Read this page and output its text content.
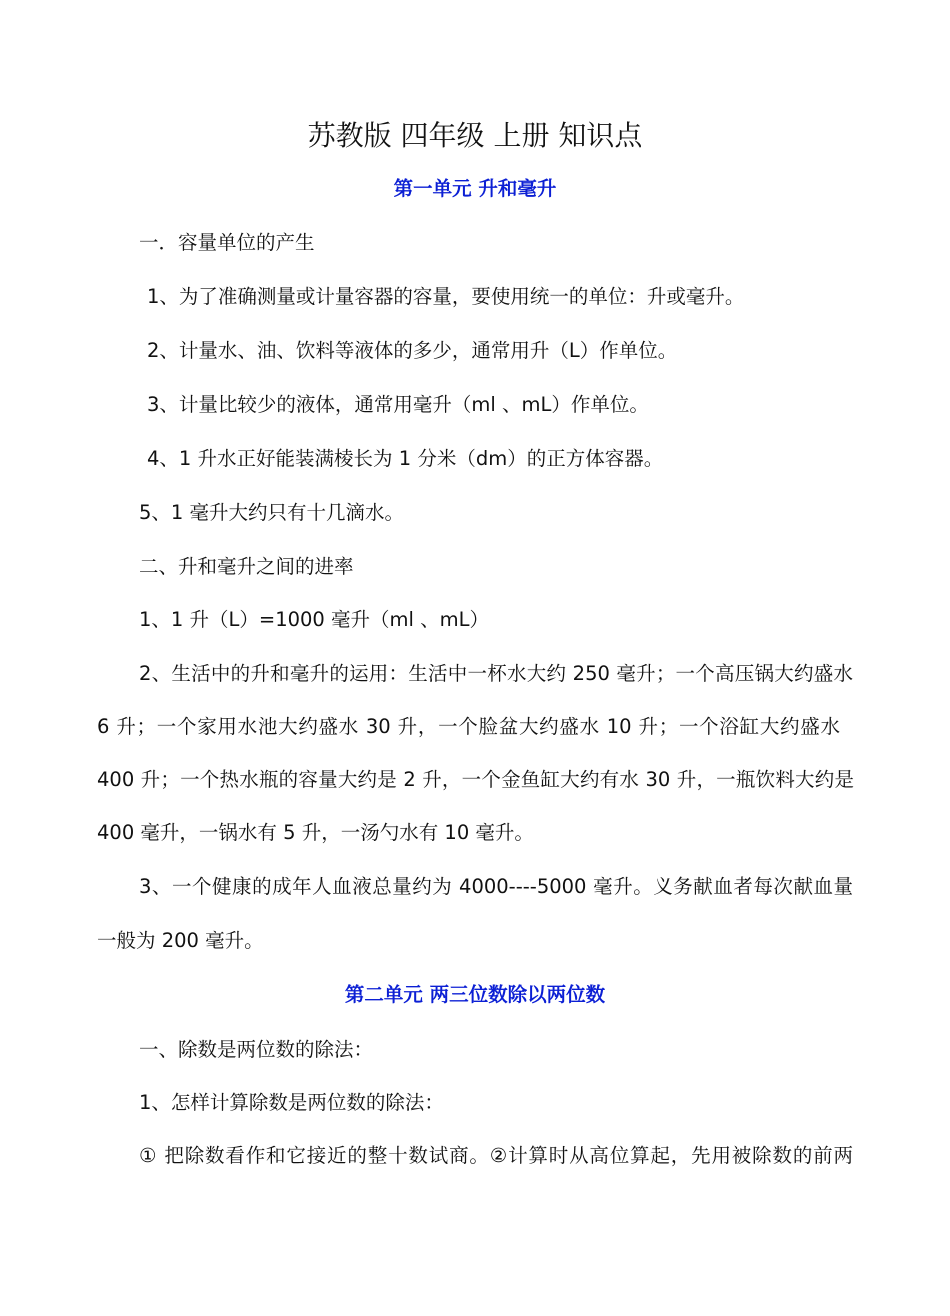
苏教版 四年级 上册 知识点
第一单元 升和毫升
一．容量单位的产生
1、为了准确测量或计量容器的容量，要使用统一的单位：升或毫升。
2、计量水、油、饮料等液体的多少，通常用升（L）作单位。
3、计量比较少的液体，通常用毫升（ml 、mL）作单位。
4、1 升水正好能装满棱长为 1 分米（dm）的正方体容器。
5、1 毫升大约只有十几滴水。
二、升和毫升之间的进率
1、1 升（L）=1000 毫升（ml 、mL）
2、生活中的升和毫升的运用：生活中一杯水大约 250 毫升；一个高压锅大约盛水
6 升；一个家用水池大约盛水 30 升，一个脸盆大约盛水 10 升；一个浴缸大约盛水
400 升；一个热水瓶的容量大约是 2 升，一个金鱼缸大约有水 30 升，一瓶饮料大约是
400 毫升，一锅水有 5 升，一汤勺水有 10 毫升。
3、一个健康的成年人血液总量约为 4000----5000 毫升。义务献血者每次献血量
一般为 200 毫升。
第二单元 两三位数除以两位数
一、除数是两位数的除法：
1、怎样计算除数是两位数的除法：
① 把除数看作和它接近的整十数试商。②计算时从高位算起，先用被除数的前两
